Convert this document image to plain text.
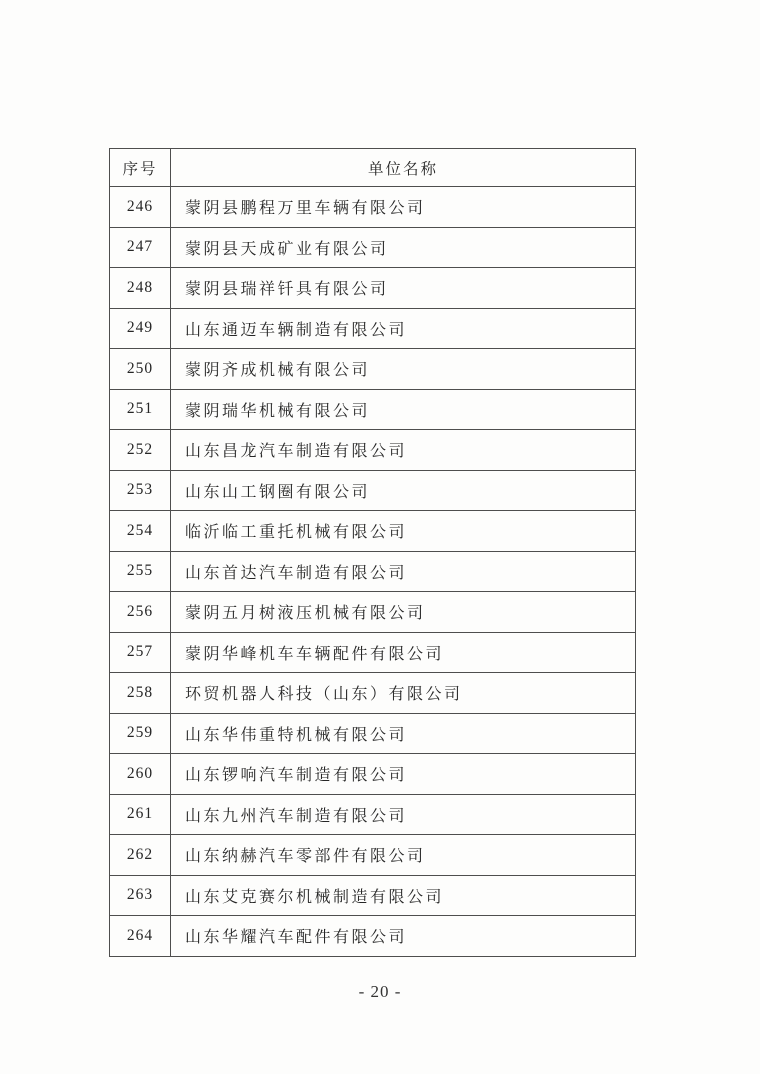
序号	单位名称
246	蒙阴县鹏程万里车辆有限公司
247	蒙阴县天成矿业有限公司
248	蒙阴县瑞祥钎具有限公司
249	山东通迈车辆制造有限公司
250	蒙阴齐成机械有限公司
251	蒙阴瑞华机械有限公司
252	山东昌龙汽车制造有限公司
253	山东山工钢圈有限公司
254	临沂临工重托机械有限公司
255	山东首达汽车制造有限公司
256	蒙阴五月树液压机械有限公司
257	蒙阴华峰机车车辆配件有限公司
258	环贸机器人科技（山东）有限公司
259	山东华伟重特机械有限公司
260	山东锣响汽车制造有限公司
261	山东九州汽车制造有限公司
262	山东纳赫汽车零部件有限公司
263	山东艾克赛尔机械制造有限公司
264	山东华耀汽车配件有限公司
- 20 -
